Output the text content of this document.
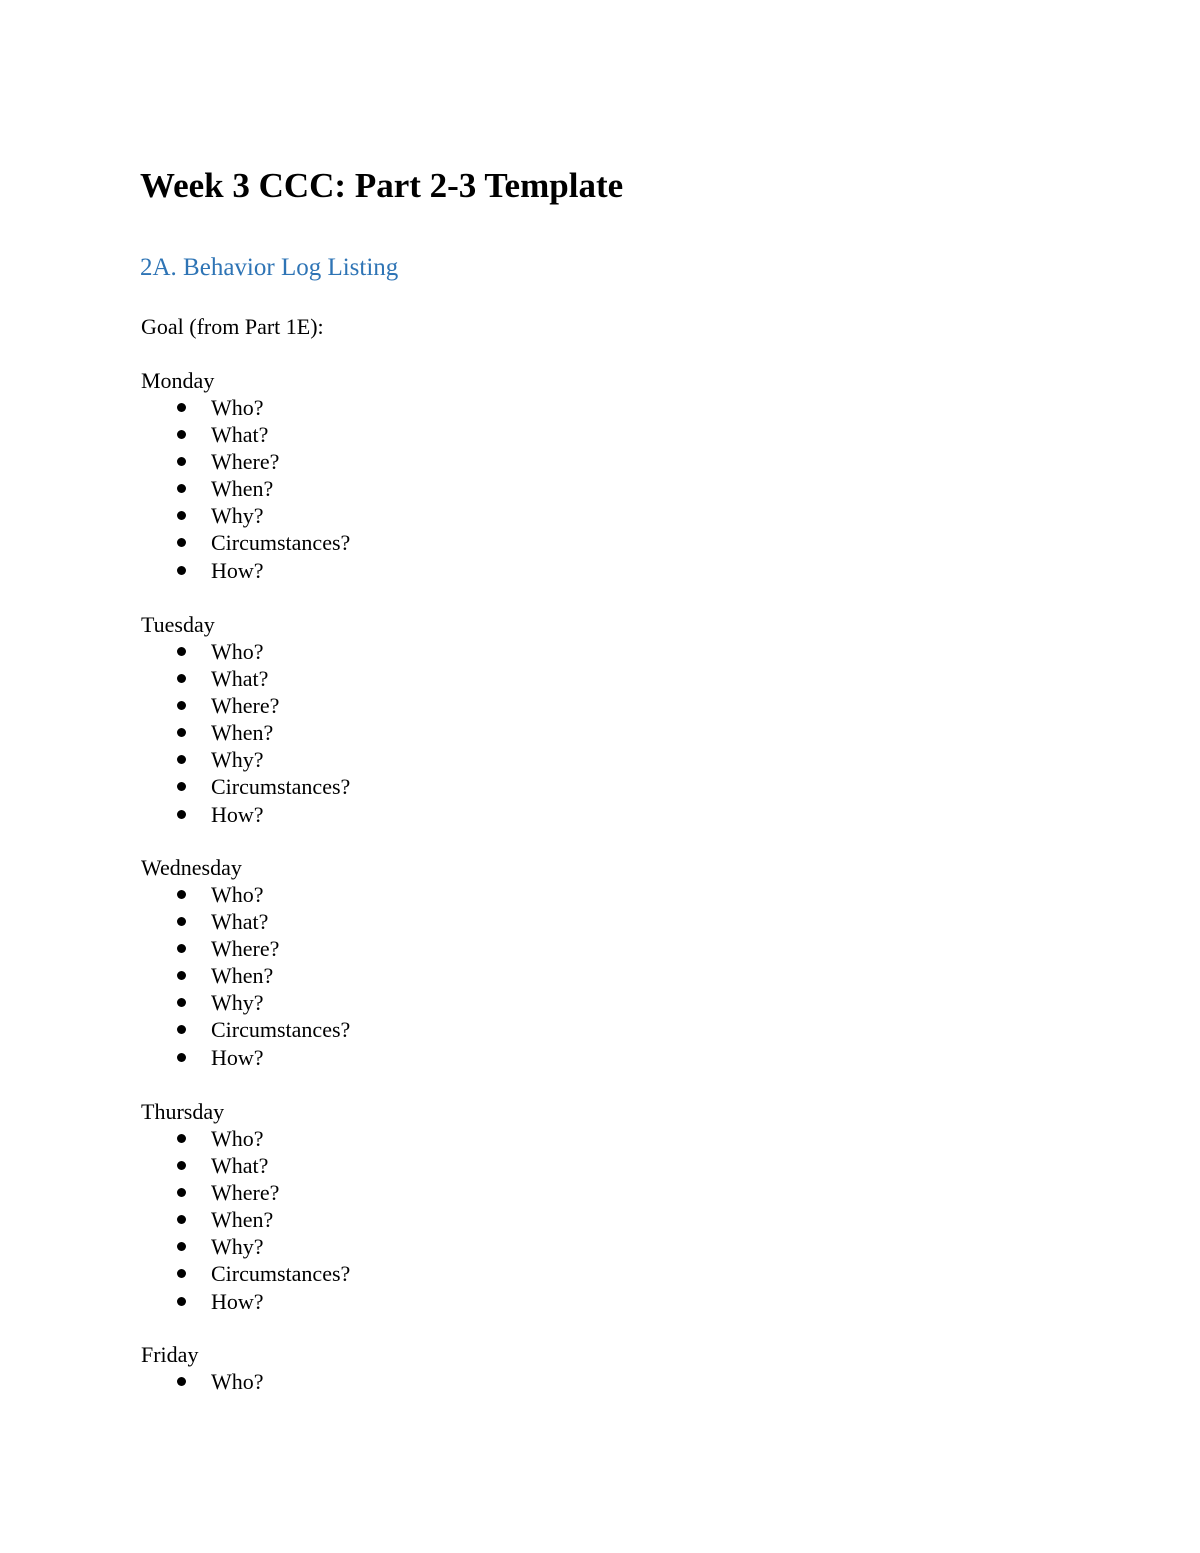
Week 3 CCC: Part 2-3 Template
2A. Behavior Log Listing

Goal (from Part 1E):

Monday

Who?
What?
Where?
When?
Why?
Circumstances?
How?

Tuesday

Who?
What?
Where?
When?
Why?
Circumstances?
How?

Wednesday

Who?
What?
Where?
When?
Why?
Circumstances?
How?

Thursday

Who?
What?
Where?
When?
Why?
Circumstances?
How?

Friday

Who?
